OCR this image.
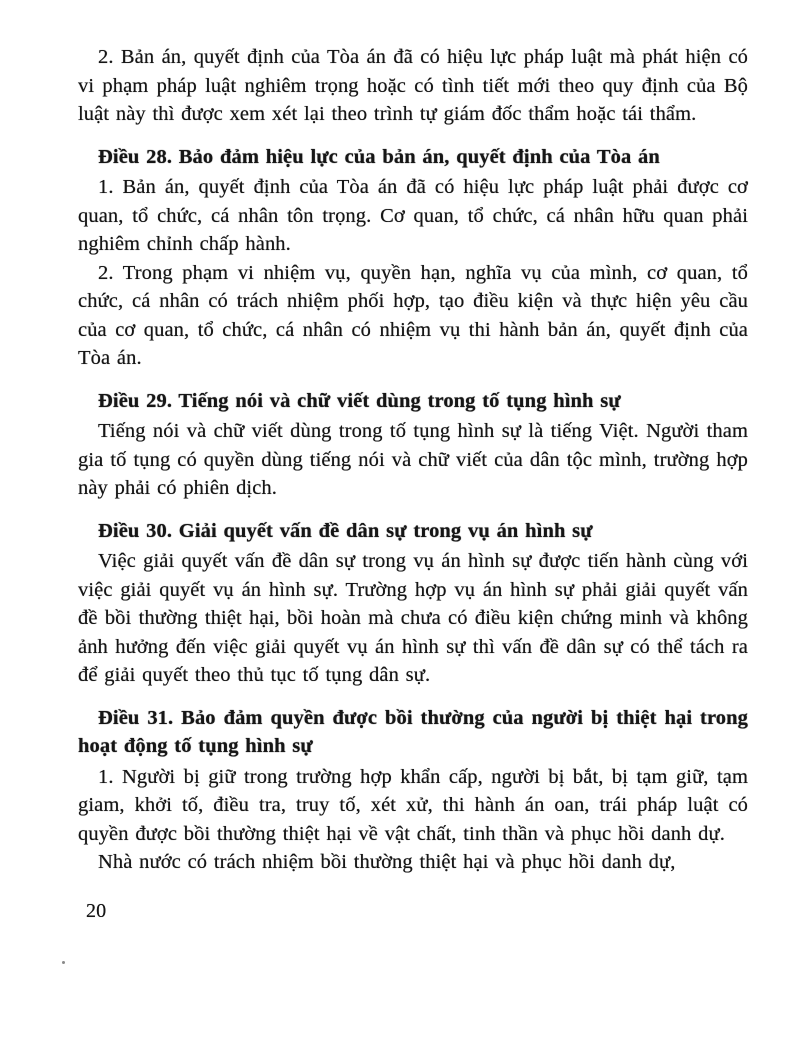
2. Bản án, quyết định của Tòa án đã có hiệu lực pháp luật mà phát hiện có vi phạm pháp luật nghiêm trọng hoặc có tình tiết mới theo quy định của Bộ luật này thì được xem xét lại theo trình tự giám đốc thẩm hoặc tái thẩm.

Điều 28. Bảo đảm hiệu lực của bản án, quyết định của Tòa án

1. Bản án, quyết định của Tòa án đã có hiệu lực pháp luật phải được cơ quan, tổ chức, cá nhân tôn trọng. Cơ quan, tổ chức, cá nhân hữu quan phải nghiêm chỉnh chấp hành.

2. Trong phạm vi nhiệm vụ, quyền hạn, nghĩa vụ của mình, cơ quan, tổ chức, cá nhân có trách nhiệm phối hợp, tạo điều kiện và thực hiện yêu cầu của cơ quan, tổ chức, cá nhân có nhiệm vụ thi hành bản án, quyết định của Tòa án.

Điều 29. Tiếng nói và chữ viết dùng trong tố tụng hình sự

Tiếng nói và chữ viết dùng trong tố tụng hình sự là tiếng Việt. Người tham gia tố tụng có quyền dùng tiếng nói và chữ viết của dân tộc mình, trường hợp này phải có phiên dịch.

Điều 30. Giải quyết vấn đề dân sự trong vụ án hình sự

Việc giải quyết vấn đề dân sự trong vụ án hình sự được tiến hành cùng với việc giải quyết vụ án hình sự. Trường hợp vụ án hình sự phải giải quyết vấn đề bồi thường thiệt hại, bồi hoàn mà chưa có điều kiện chứng minh và không ảnh hưởng đến việc giải quyết vụ án hình sự thì vấn đề dân sự có thể tách ra để giải quyết theo thủ tục tố tụng dân sự.

Điều 31. Bảo đảm quyền được bồi thường của người bị thiệt hại trong hoạt động tố tụng hình sự

1. Người bị giữ trong trường hợp khẩn cấp, người bị bắt, bị tạm giữ, tạm giam, khởi tố, điều tra, truy tố, xét xử, thi hành án oan, trái pháp luật có quyền được bồi thường thiệt hại về vật chất, tinh thần và phục hồi danh dự.

Nhà nước có trách nhiệm bồi thường thiệt hại và phục hồi danh dự,

20
